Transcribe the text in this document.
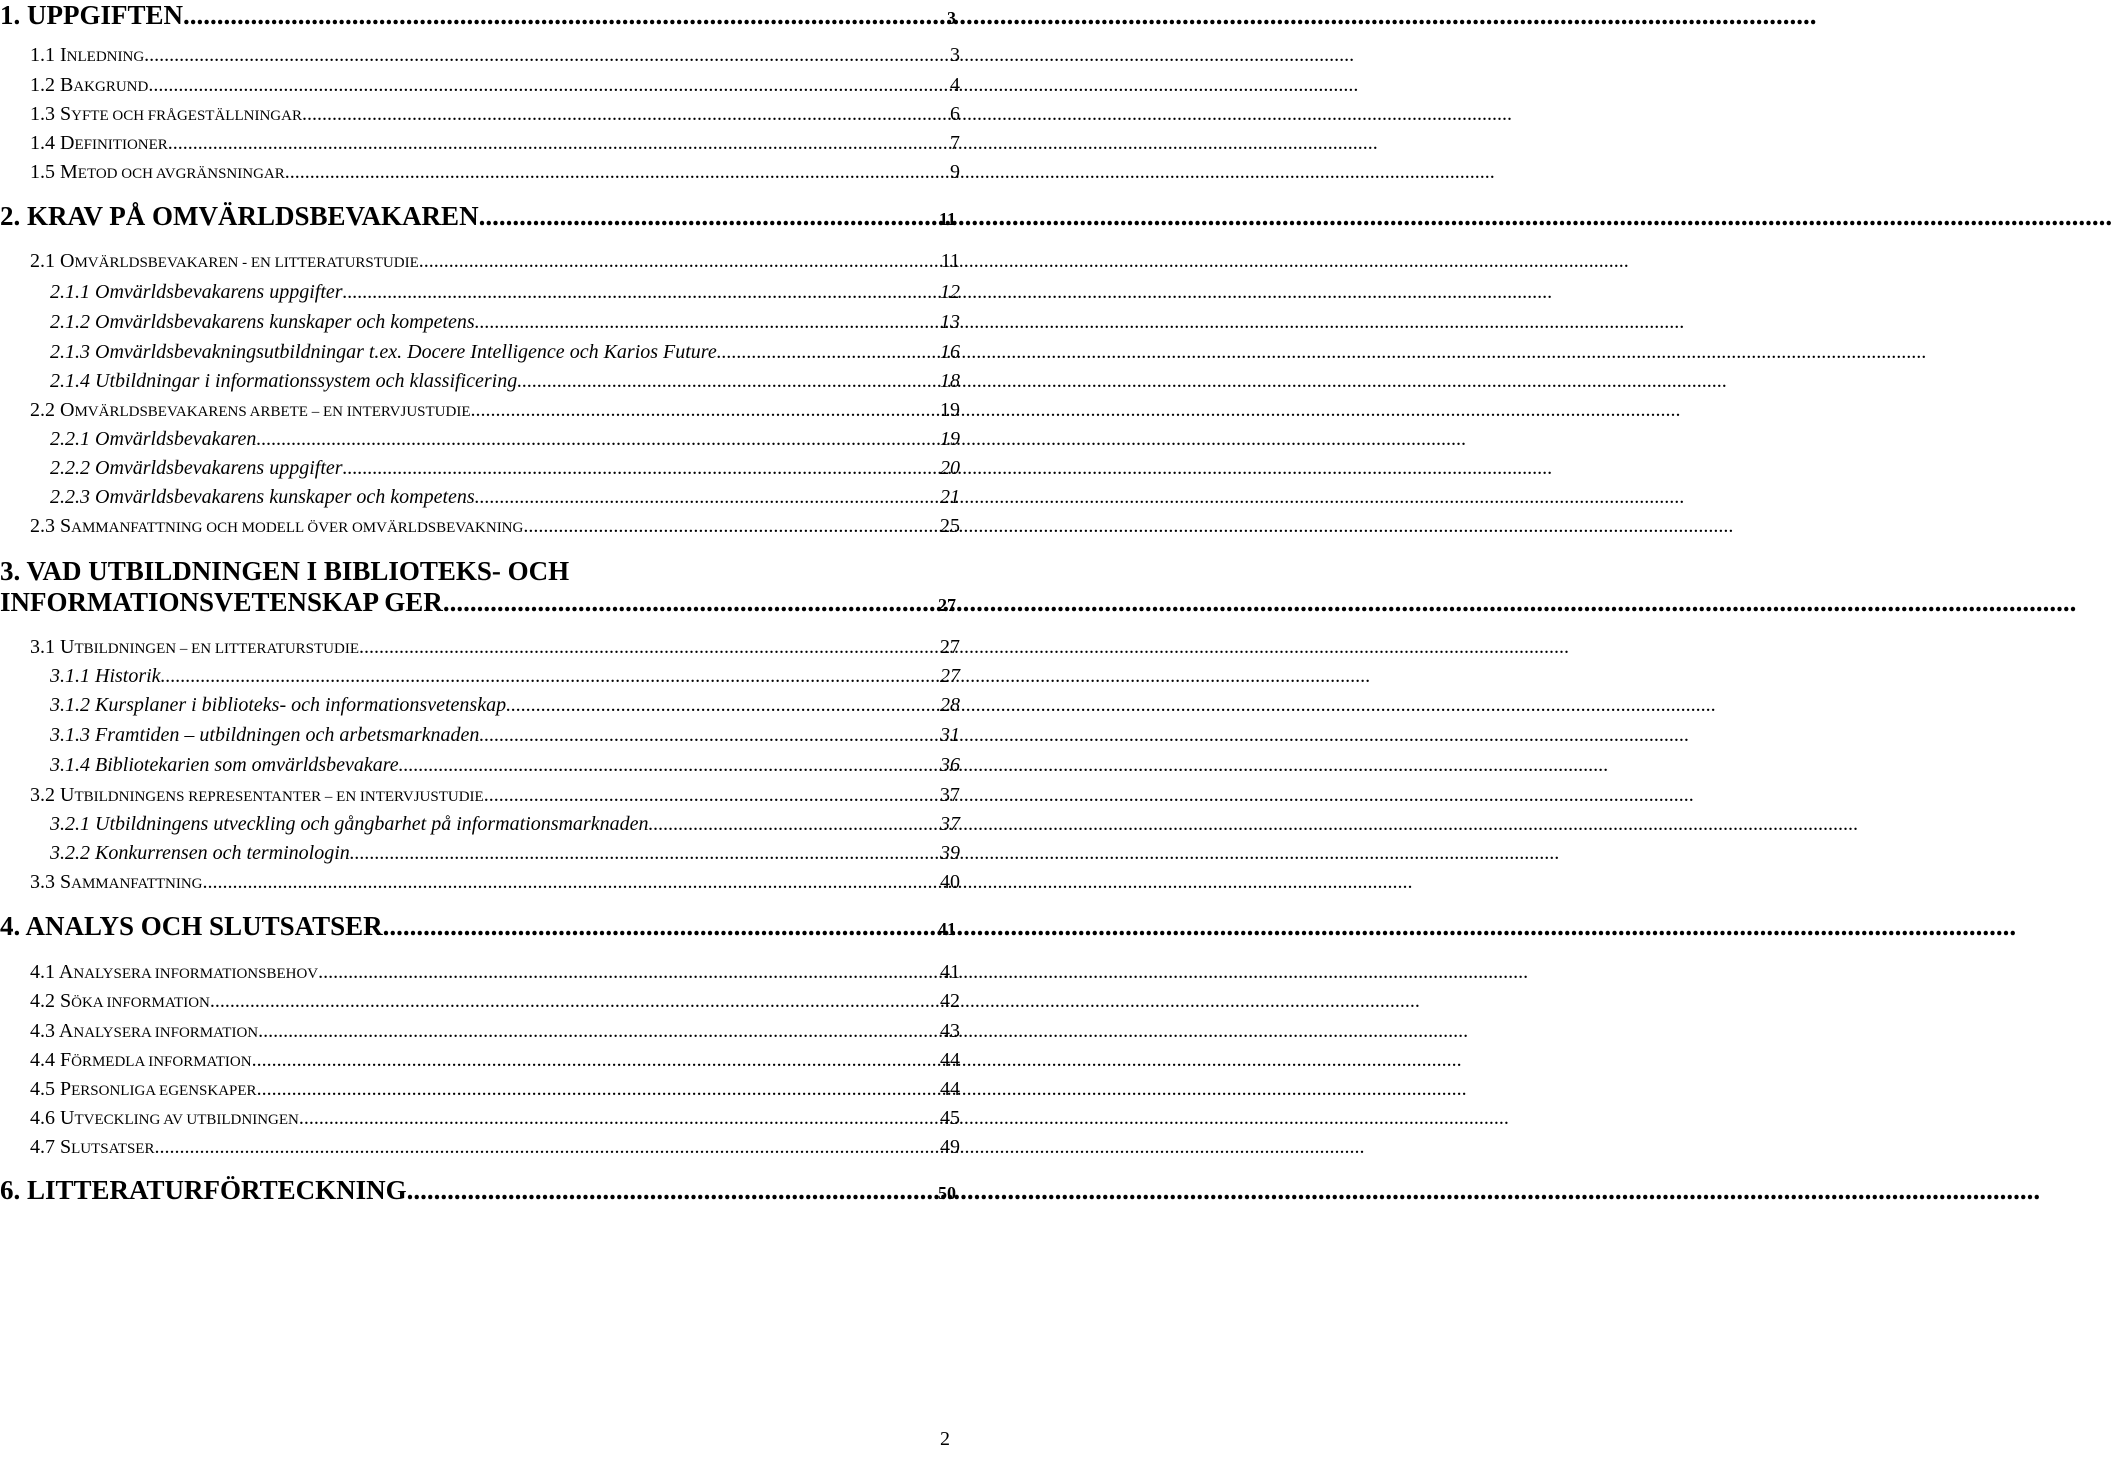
1. UPPGIFTEN .....	3
1.1 INLEDNING .....	3
1.2 BAKGRUND .....	4
1.3 SYFTE OCH FRÅGESTÄLLNINGAR .....	6
1.4 DEFINITIONER .....	7
1.5 METOD OCH AVGRÄNSNINGAR .....	9
2. KRAV PÅ OMVÄRLDSBEVAKAREN .....	11
2.1 OMVÄRLDSBEVAKAREN - EN LITTERATURSTUDIE .....	11
2.1.1 Omvärldsbevakarens uppgifter .....	12
2.1.2 Omvärldsbevakarens kunskaper och kompetens .....	13
2.1.3 Omvärldsbevakningsutbildningar t.ex. Docere Intelligence och Karios Future .....	16
2.1.4 Utbildningar i informationssystem och klassificering .....	18
2.2 OMVÄRLDSBEVAKARENS ARBETE – EN INTERVJUSTUDIE .....	19
2.2.1 Omvärldsbevakaren .....	19
2.2.2 Omvärldsbevakarens uppgifter .....	20
2.2.3 Omvärldsbevakarens kunskaper och kompetens .....	21
2.3 SAMMANFATTNING OCH MODELL ÖVER OMVÄRLDSBEVAKNING .....	25
3. VAD UTBILDNINGEN I BIBLIOTEKS- OCH
INFORMATIONSVETENSKAP GER .....	27
3.1 UTBILDNINGEN – EN LITTERATURSTUDIE .....	27
3.1.1 Historik .....	27
3.1.2 Kursplaner i biblioteks- och informationsvetenskap .....	28
3.1.3 Framtiden – utbildningen och arbetsmarknaden .....	31
3.1.4 Bibliotekarien som omvärldsbevakare .....	36
3.2 UTBILDNINGENS REPRESENTANTER – EN INTERVJUSTUDIE .....	37
3.2.1 Utbildningens utveckling och gångbarhet på informationsmarknaden .....	37
3.2.2 Konkurrensen och terminologin .....	39
3.3 SAMMANFATTNING .....	40
4. ANALYS OCH SLUTSATSER .....	41
4.1 ANALYSERA INFORMATIONSBEHOV .....	41
4.2 SÖKA INFORMATION .....	42
4.3 ANALYSERA INFORMATION .....	43
4.4 FÖRMEDLA INFORMATION .....	44
4.5 PERSONLIGA EGENSKAPER .....	44
4.6 UTVECKLING AV UTBILDNINGEN .....	45
4.7 SLUTSATSER .....	49
6. LITTERATURFÖRTECKNING .....	50
2
